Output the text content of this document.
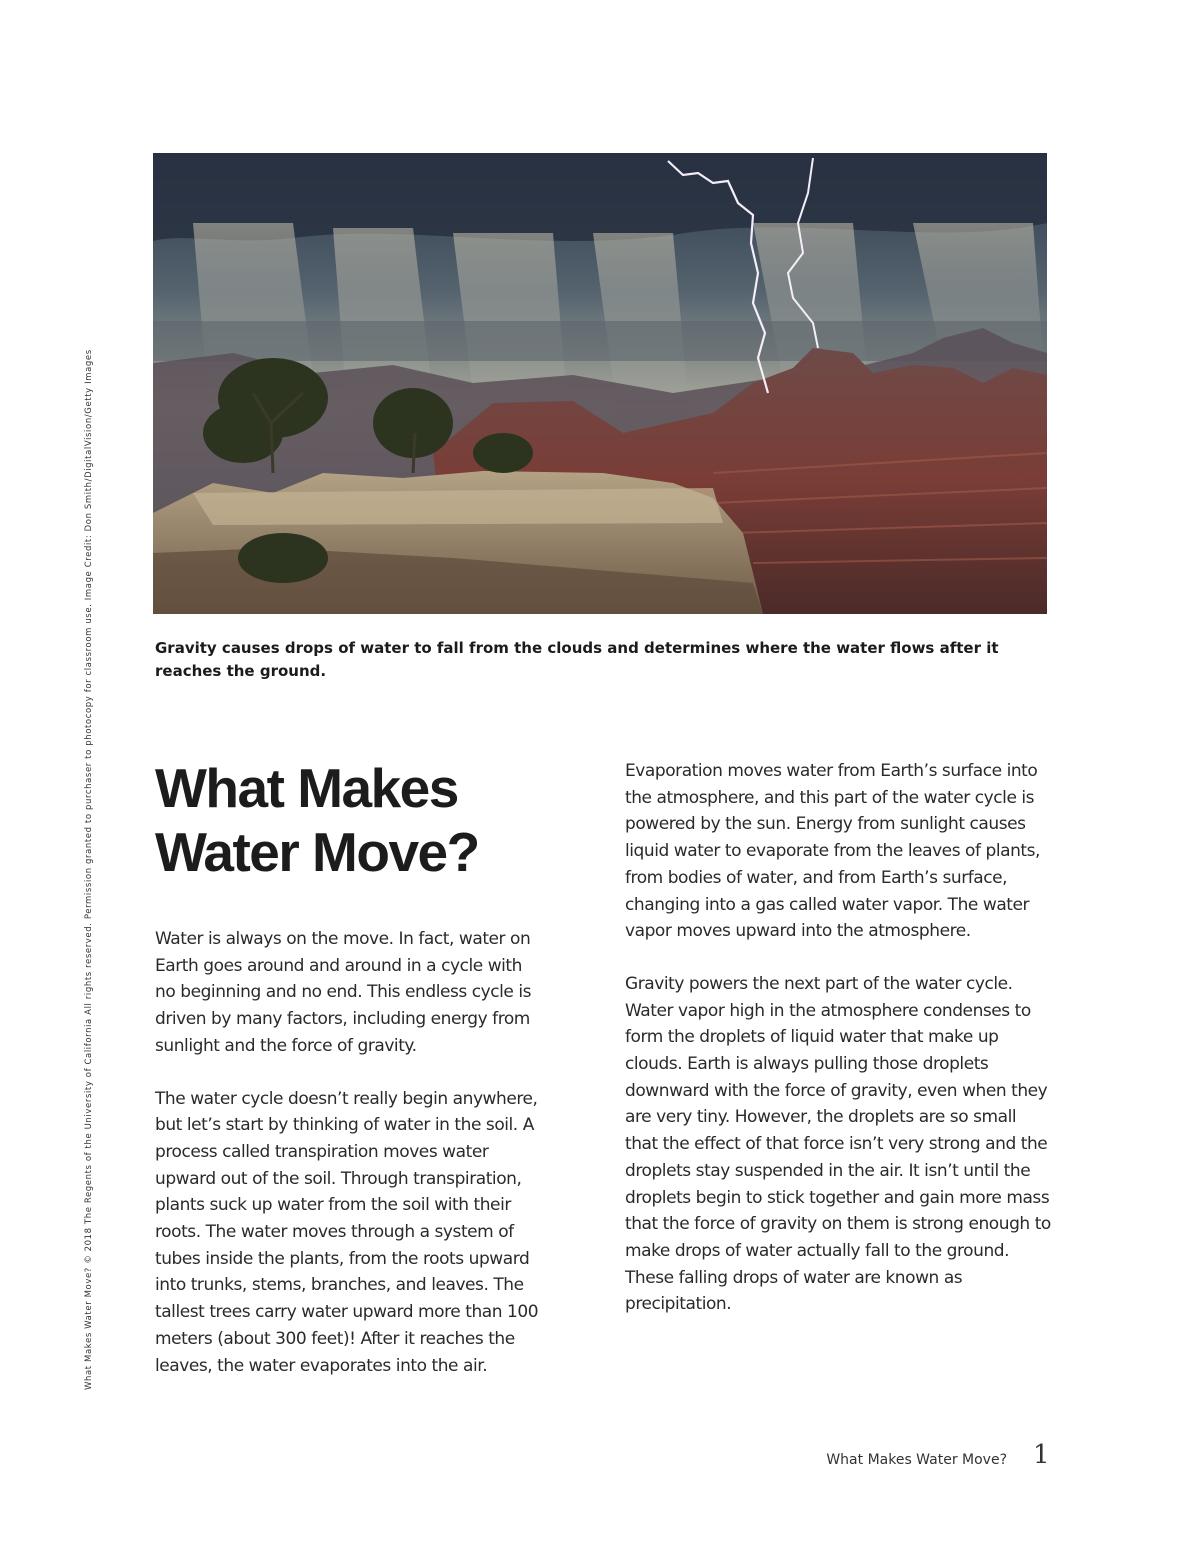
What Makes Water Move? © 2018 The Regents of the University of California All rights reserved. Permission granted to purchaser to photocopy for classroom use. Image Credit: Don Smith/DigitalVision/Getty Images	Gravity causes drops of water to fall from the clouds and determines where the water flows after it reaches the ground.
What Makes Water Move?

Water is always on the move. In fact, water on Earth goes around and around in a cycle with no beginning and no end. This endless cycle is driven by many factors, including energy from sunlight and the force of gravity.

The water cycle doesn’t really begin anywhere, but let’s start by thinking of water in the soil. A process called transpiration moves water upward out of the soil. Through transpiration, plants suck up water from the soil with their roots. The water moves through a system of tubes inside the plants, from the roots upward into trunks, stems, branches, and leaves. The tallest trees carry water upward more than 100 meters (about 300 feet)! After it reaches the leaves, the water evaporates into the air.

Evaporation moves water from Earth’s surface into the atmosphere, and this part of the water cycle is powered by the sun. Energy from sunlight causes liquid water to evaporate from the leaves of plants, from bodies of water, and from Earth’s surface, changing into a gas called water vapor. The water vapor moves upward into the atmosphere.

Gravity powers the next part of the water cycle. Water vapor high in the atmosphere condenses to form the droplets of liquid water that make up clouds. Earth is always pulling those droplets downward with the force of gravity, even when they are very tiny. However, the droplets are so small that the effect of that force isn’t very strong and the droplets stay suspended in the air. It isn’t until the droplets begin to stick together and gain more mass that the force of gravity on them is strong enough to make drops of water actually fall to the ground. These falling drops of water are known as precipitation.

What Makes Water Move? 1
